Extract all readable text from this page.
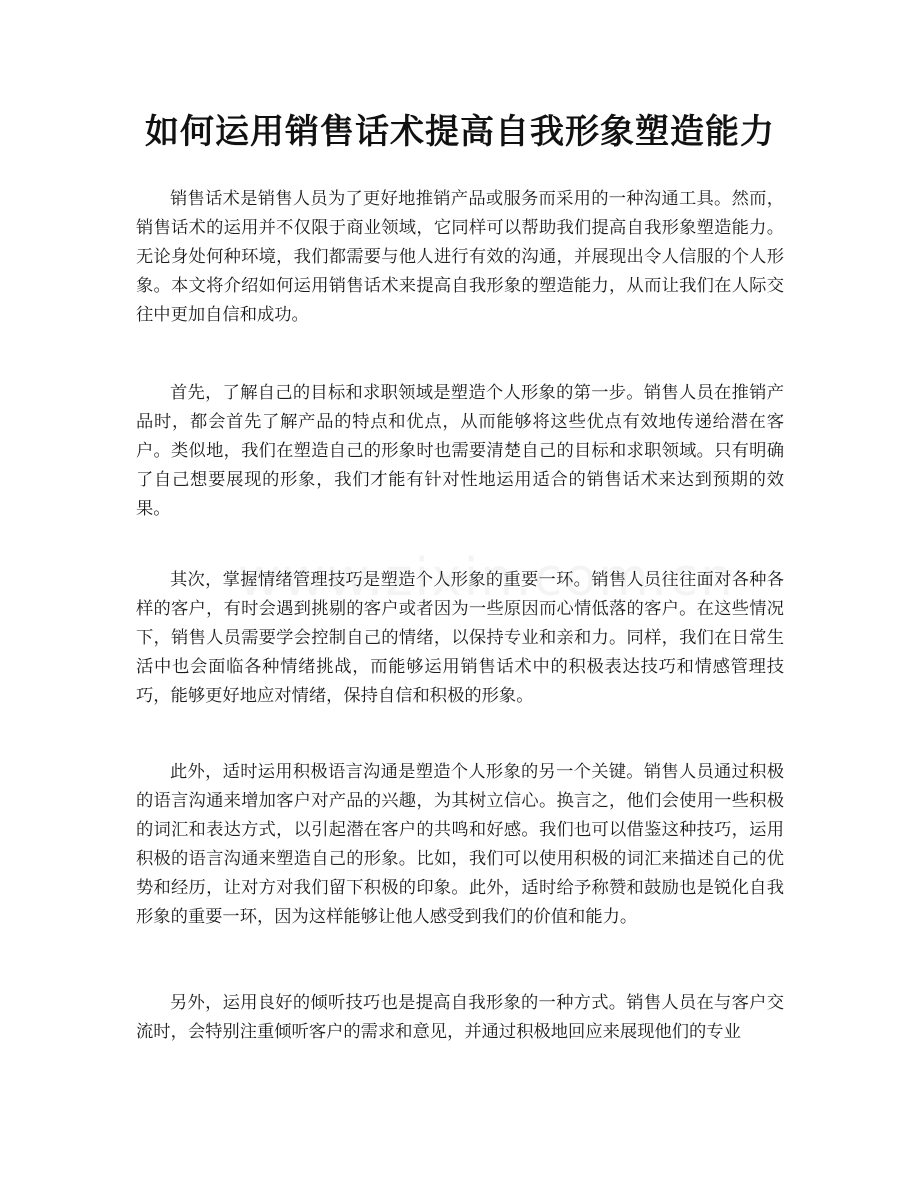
如何运用销售话术提高自我形象塑造能力

销售话术是销售人员为了更好地推销产品或服务而采用的一种沟通工具。然而，销售话术的运用并不仅限于商业领域，它同样可以帮助我们提高自我形象塑造能力。无论身处何种环境，我们都需要与他人进行有效的沟通，并展现出令人信服的个人形象。本文将介绍如何运用销售话术来提高自我形象的塑造能力，从而让我们在人际交往中更加自信和成功。

首先，了解自己的目标和求职领域是塑造个人形象的第一步。销售人员在推销产品时，都会首先了解产品的特点和优点，从而能够将这些优点有效地传递给潜在客户。类似地，我们在塑造自己的形象时也需要清楚自己的目标和求职领域。只有明确了自己想要展现的形象，我们才能有针对性地运用适合的销售话术来达到预期的效果。

其次，掌握情绪管理技巧是塑造个人形象的重要一环。销售人员往往面对各种各样的客户，有时会遇到挑剔的客户或者因为一些原因而心情低落的客户。在这些情况下，销售人员需要学会控制自己的情绪，以保持专业和亲和力。同样，我们在日常生活中也会面临各种情绪挑战，而能够运用销售话术中的积极表达技巧和情感管理技巧，能够更好地应对情绪，保持自信和积极的形象。

此外，适时运用积极语言沟通是塑造个人形象的另一个关键。销售人员通过积极的语言沟通来增加客户对产品的兴趣，为其树立信心。换言之，他们会使用一些积极的词汇和表达方式，以引起潜在客户的共鸣和好感。我们也可以借鉴这种技巧，运用积极的语言沟通来塑造自己的形象。比如，我们可以使用积极的词汇来描述自己的优势和经历，让对方对我们留下积极的印象。此外，适时给予称赞和鼓励也是锐化自我形象的重要一环，因为这样能够让他人感受到我们的价值和能力。

另外，运用良好的倾听技巧也是提高自我形象的一种方式。销售人员在与客户交流时，会特别注重倾听客户的需求和意见，并通过积极地回应来展现他们的专业
